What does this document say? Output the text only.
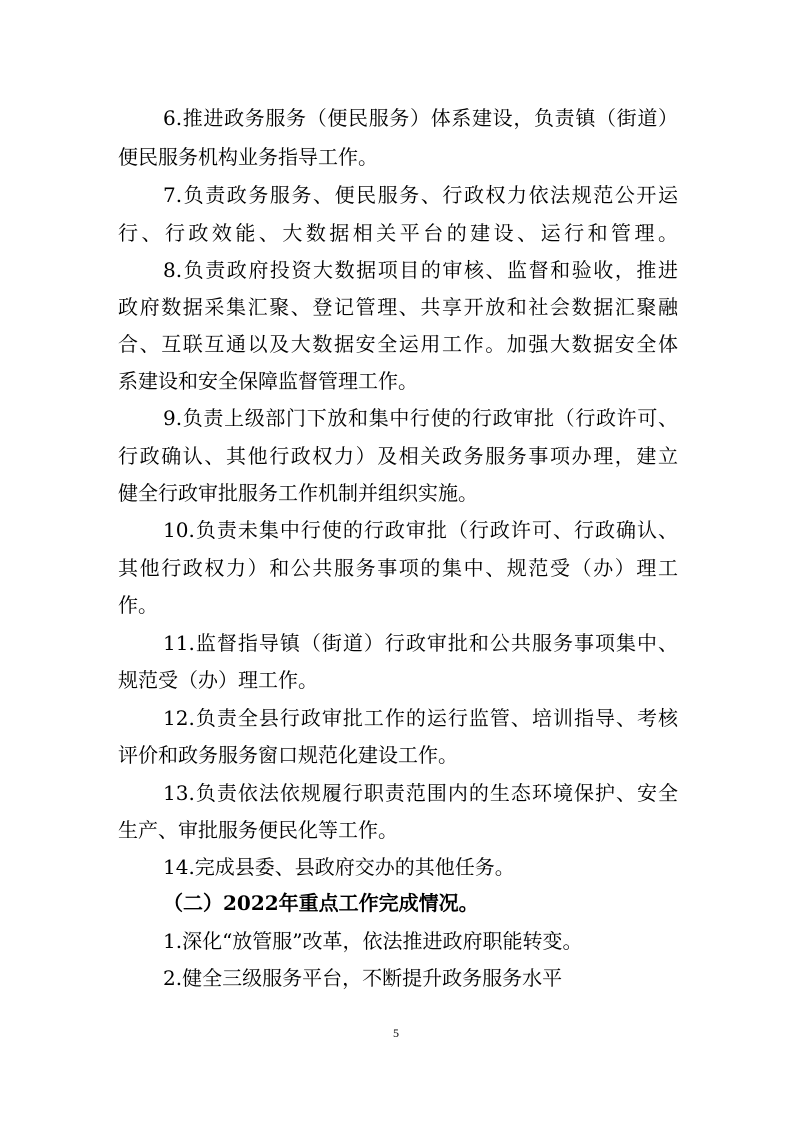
6.推进政务服务（便民服务）体系建设，负责镇（街道）
便民服务机构业务指导工作。
7.负责政务服务、便民服务、行政权力依法规范公开运
行、行政效能、大数据相关平台的建设、运行和管理。
8.负责政府投资大数据项目的审核、监督和验收，推进
政府数据采集汇聚、登记管理、共享开放和社会数据汇聚融
合、互联互通以及大数据安全运用工作。加强大数据安全体
系建设和安全保障监督管理工作。
9.负责上级部门下放和集中行使的行政审批（行政许可、
行政确认、其他行政权力）及相关政务服务事项办理，建立
健全行政审批服务工作机制并组织实施。
10.负责未集中行使的行政审批（行政许可、行政确认、
其他行政权力）和公共服务事项的集中、规范受（办）理工
作。
11.监督指导镇（街道）行政审批和公共服务事项集中、
规范受（办）理工作。
12.负责全县行政审批工作的运行监管、培训指导、考核
评价和政务服务窗口规范化建设工作。
13.负责依法依规履行职责范围内的生态环境保护、安全
生产、审批服务便民化等工作。
14.完成县委、县政府交办的其他任务。
（二）2022年重点工作完成情况。
1.深化“放管服”改革，依法推进政府职能转变。
2.健全三级服务平台，不断提升政务服务水平
5
